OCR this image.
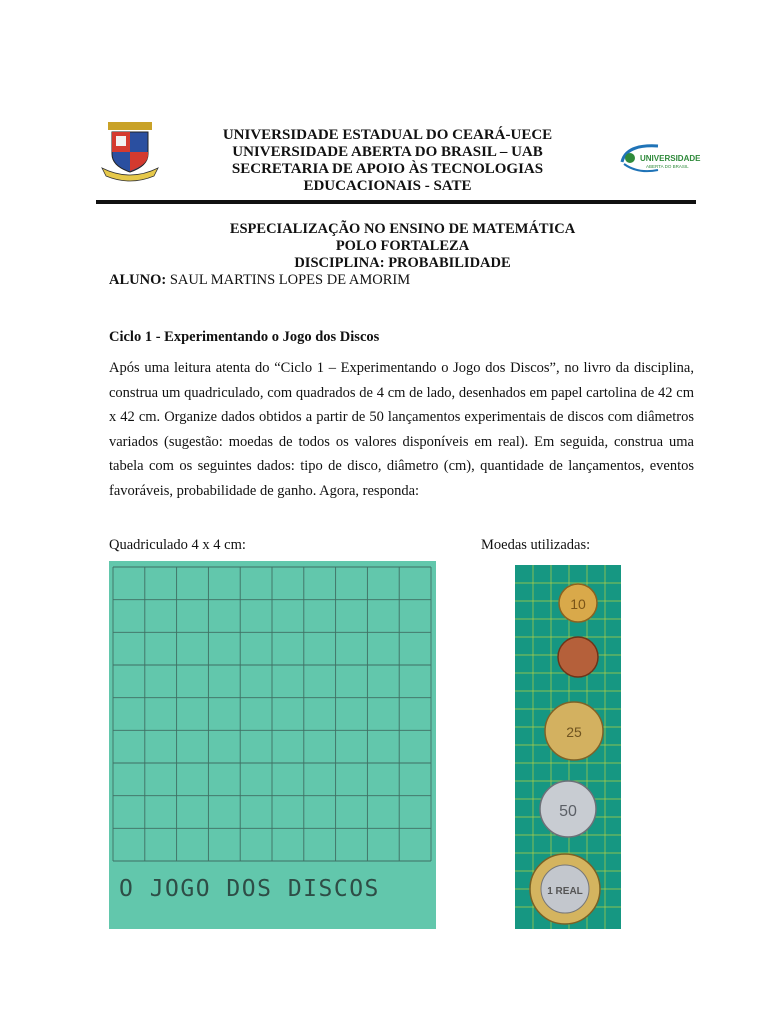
UNIVERSIDADE ESTADUAL DO CEARÁ-UECE
UNIVERSIDADE ABERTA DO BRASIL – UAB
SECRETARIA DE APOIO ÀS TECNOLOGIAS
EDUCACIONAIS - SATE
UNIVERSIDADE
ABERTA DO BRASIL
ESPECIALIZAÇÃO NO ENSINO DE MATEMÁTICA
POLO FORTALEZA
DISCIPLINA: PROBABILIDADE
ALUNO: SAUL MARTINS LOPES DE AMORIM
Ciclo 1 - Experimentando o Jogo dos Discos

Após uma leitura atenta do “Ciclo 1 – Experimentando o Jogo dos Discos”, no livro da disciplina, construa um quadriculado, com quadrados de 4 cm de lado, desenhados em papel cartolina de 42 cm x 42 cm. Organize dados obtidos a partir de 50 lançamentos experimentais de discos com diâmetros variados (sugestão: moedas de todos os valores disponíveis em real). Em seguida, construa uma tabela com os seguintes dados: tipo de disco, diâmetro (cm), quantidade de lançamentos, eventos favoráveis, probabilidade de ganho. Agora, responda:

Quadriculado 4 x 4 cm:	Moedas utilizadas:
O JOGO DOS DISCOS
10
25
50
1 REAL
